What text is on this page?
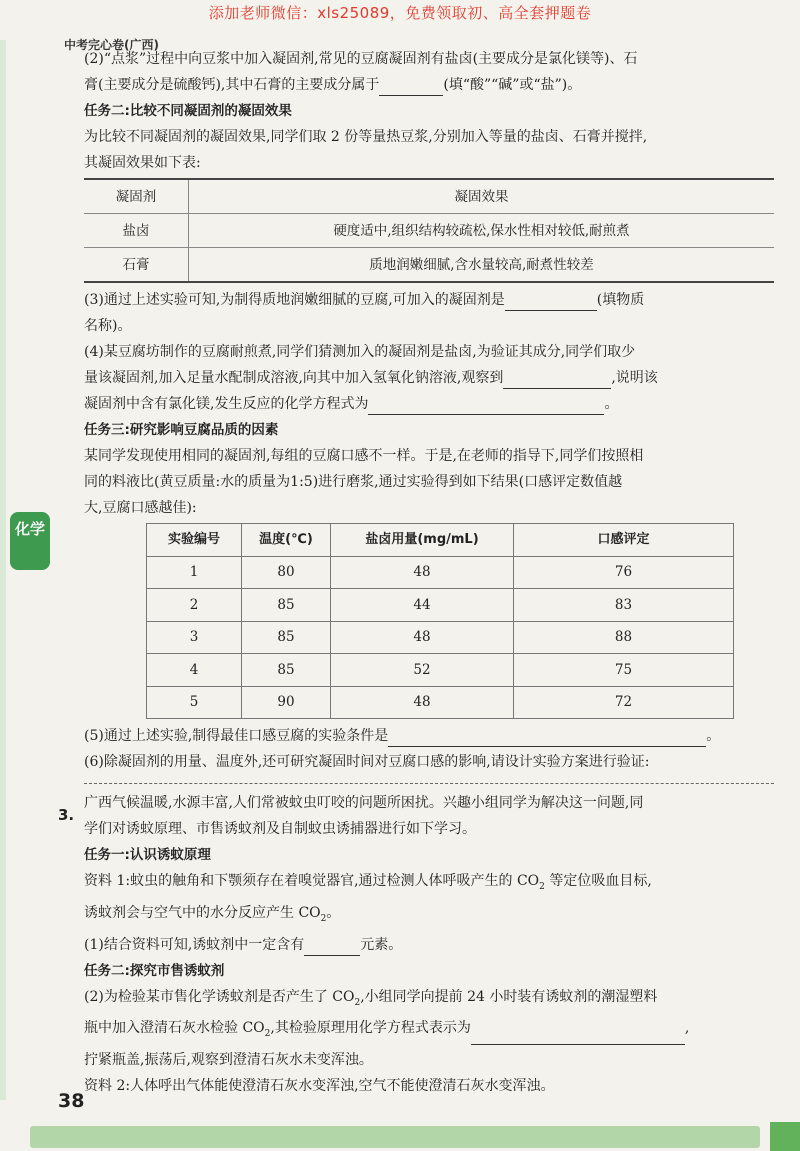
添加老师微信：xls25089，免费领取初、高全套押题卷
中考完心卷(广西)
化学

(2)“点浆”过程中向豆浆中加入凝固剂,常见的豆腐凝固剂有盐卤(主要成分是氯化镁等)、石

膏(主要成分是硫酸钙),其中石膏的主要成分属于	(填“酸”“碱”或“盐”)。

任务二:比较不同凝固剂的凝固效果

为比较不同凝固剂的凝固效果,同学们取 2 份等量热豆浆,分别加入等量的盐卤、石膏并搅拌,

其凝固效果如下表:

凝固剂	凝固效果
盐卤	硬度适中,组织结构较疏松,保水性相对较低,耐煎煮
石膏	质地润嫩细腻,含水量较高,耐煮性较差

(3)通过上述实验可知,为制得质地润嫩细腻的豆腐,可加入的凝固剂是	(填物质

名称)。

(4)某豆腐坊制作的豆腐耐煎煮,同学们猜测加入的凝固剂是盐卤,为验证其成分,同学们取少

量该凝固剂,加入足量水配制成溶液,向其中加入氢氧化钠溶液,观察到	,说明该

凝固剂中含有氯化镁,发生反应的化学方程式为	。

任务三:研究影响豆腐品质的因素

某同学发现使用相同的凝固剂,每组的豆腐口感不一样。于是,在老师的指导下,同学们按照相

同的料液比(黄豆质量:水的质量为1:5)进行磨浆,通过实验得到如下结果(口感评定数值越

大,豆腐口感越佳):

实验编号	温度(℃)	盐卤用量(mg/mL)	口感评定
1	80	48	76
2	85	44	83
3	85	48	88
4	85	52	75
5	90	48	72

(5)通过上述实验,制得最佳口感豆腐的实验条件是	。

(6)除凝固剂的用量、温度外,还可研究凝固时间对豆腐口感的影响,请设计实验方案进行验证:

广西气候温暖,水源丰富,人们常被蚊虫叮咬的问题所困扰。兴趣小组同学为解决这一问题,同

学们对诱蚊原理、市售诱蚊剂及自制蚊虫诱捕器进行如下学习。

任务一:认识诱蚊原理

资料 1:蚊虫的触角和下颚须存在着嗅觉器官,通过检测人体呼吸产生的 $CO_2$ 等定位吸血目标,

诱蚊剂会与空气中的水分反应产生 $CO_2$。

(1)结合资料可知,诱蚊剂中一定含有	元素。

任务二:探究市售诱蚊剂

(2)为检验某市售化学诱蚊剂是否产生了 $CO_2$,小组同学向提前 24 小时装有诱蚊剂的潮湿塑料

瓶中加入澄清石灰水检验 $CO_2$,其检验原理用化学方程式表示为	,

拧紧瓶盖,振荡后,观察到澄清石灰水未变浑浊。

资料 2:人体呼出气体能使澄清石灰水变浑浊,空气不能使澄清石灰水变浑浊。

3.
38
